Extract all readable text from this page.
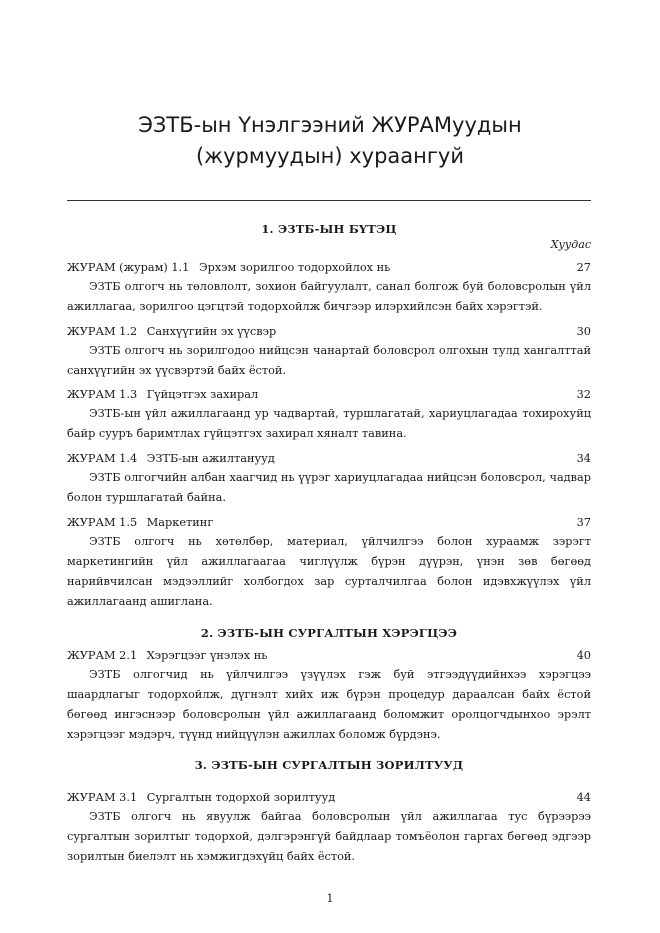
ЭЗТБ-ын Үнэлгээний ЖУРАМуудын
(журмуудын) хураангуй
1. ЭЗТБ-ЫН БҮТЭЦ
Хуудас
ЖУРАМ (журам) 1.1 Эрхэм зорилгоо тодорхойлох нь	27
ЭЗТБ олгогч нь төловлолт, зохион байгуулалт, санал болгож буй боловсролын үйл ажиллагаа, зорилгоо цэгцтэй тодорхойлж бичгээр илэрхийлсэн байх хэрэгтэй.
ЖУРАМ 1.2 Санхүүгийн эх үүсвэр	30
ЭЗТБ олгогч нь зорилгодоо нийцсэн чанартай боловсрол олгохын тулд хангалттай санхүүгийн эх үүсвэртэй байх ёстой.
ЖУРАМ 1.3 Гүйцэтгэх захирал	32
ЭЗТБ-ын үйл ажиллагаанд ур чадвартай, туршлагатай, хариуцлагадаа тохирохуйц байр сууръ баримтлах гүйцэтгэх захирал хяналт тавина.
ЖУРАМ 1.4 ЭЗТБ-ын ажилтанууд	34
ЭЗТБ олгогчийн албан хаагчид нь үүрэг хариуцлагадаа нийцсэн боловсрол, чадвар болон туршлагатай байна.
ЖУРАМ 1.5 Маркетинг	37
ЭЗТБ олгогч нь хөтөлбөр, материал, үйлчилгээ болон хураамж зэрэгт маркетингийн үйл ажиллагаагаа чиглүүлж бүрэн дүүрэн, үнэн зөв бөгөөд нарийвчилсан мэдээллийг холбогдох зар сурталчилгаа болон идэвхжүүлэх үйл ажиллагаанд ашиглана.
2. ЭЗТБ-ЫН СУРГАЛТЫН ХЭРЭГЦЭЭ
ЖУРАМ 2.1 Хэрэгцээг үнэлэх нь	40
ЭЗТБ олгогчид нь үйлчилгээ үзүүлэх гэж буй этгээдүүдийнхээ хэрэгцээ шаардлагыг тодорхойлж, дүгнэлт хийх иж бүрэн процедур дараалсан байх ёстой бөгөөд ингэснээр боловсролын үйл ажиллагаанд боломжит оролцогчдынхоо эрэлт хэрэгцээг мэдэрч, түүнд нийцүүлэн ажиллах боломж бүрдэнэ.
3. ЭЗТБ-ЫН СУРГАЛТЫН ЗОРИЛТУУД
ЖУРАМ 3.1 Сургалтын тодорхой зорилтууд	44
ЭЗТБ олгогч нь явуулж байгаа боловсролын үйл ажиллагаа тус бүрээрээ сургалтын зорилтыг тодорхой, дэлгэрэнгүй байдлаар томъёолон гаргах бөгөөд эдгээр зорилтын биелэлт нь хэмжигдэхүйц байх ёстой.
1
